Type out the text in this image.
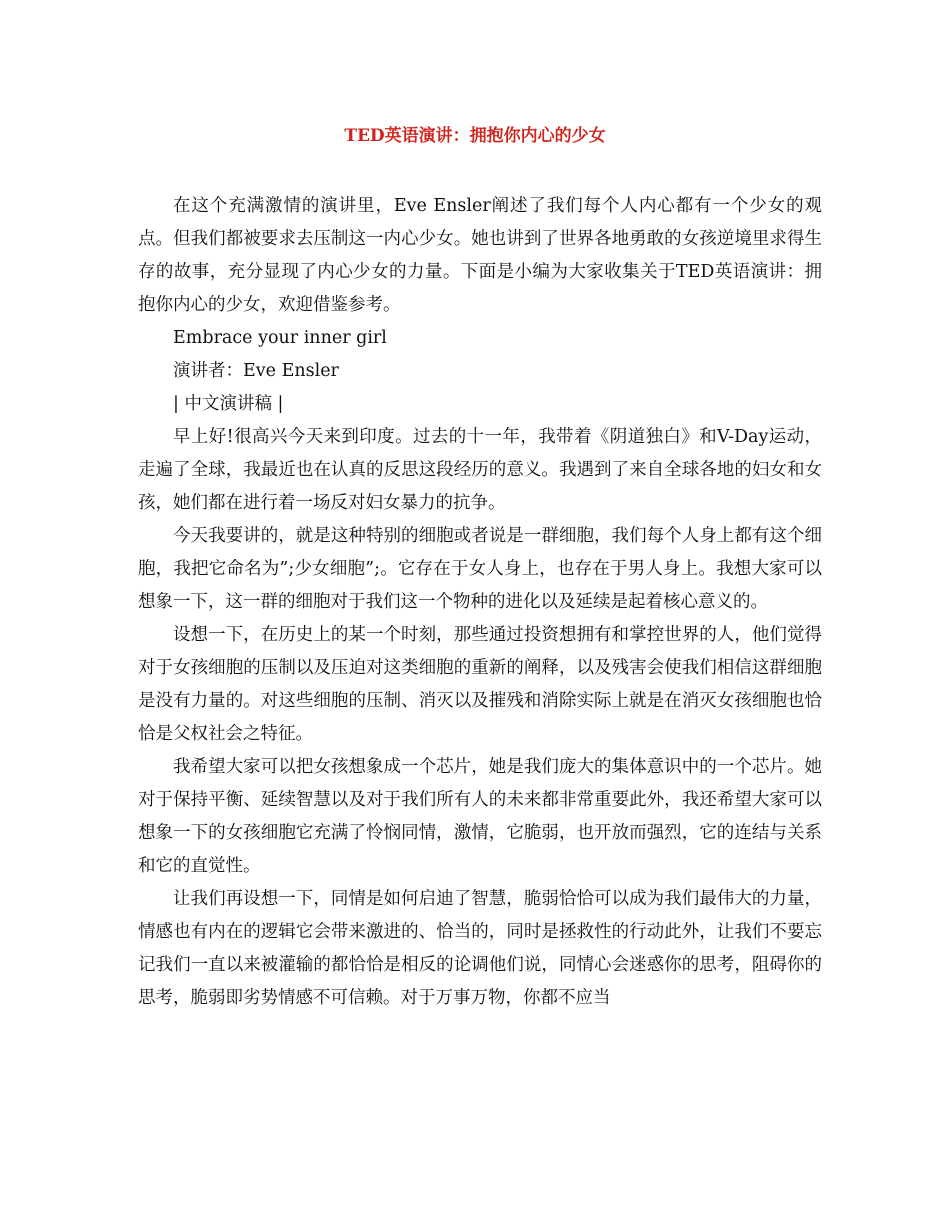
TED英语演讲：拥抱你内心的少女

在这个充满激情的演讲里，Eve Ensler阐述了我们每个人内心都有一个少女的观点。但我们都被要求去压制这一内心少女。她也讲到了世界各地勇敢的女孩逆境里求得生存的故事，充分显现了内心少女的力量。下面是小编为大家收集关于TED英语演讲：拥抱你内心的少女，欢迎借鉴参考。

Embrace your inner girl

演讲者：Eve Ensler

| 中文演讲稿 |

早上好!很高兴今天来到印度。过去的十一年，我带着《阴道独白》和V-Day运动，走遍了全球，我最近也在认真的反思这段经历的意义。我遇到了来自全球各地的妇女和女孩，她们都在进行着一场反对妇女暴力的抗争。

今天我要讲的，就是这种特别的细胞或者说是一群细胞，我们每个人身上都有这个细胞，我把它命名为”;少女细胞”;。它存在于女人身上，也存在于男人身上。我想大家可以想象一下，这一群的细胞对于我们这一个物种的进化以及延续是起着核心意义的。

设想一下，在历史上的某一个时刻，那些通过投资想拥有和掌控世界的人，他们觉得对于女孩细胞的压制以及压迫对这类细胞的重新的阐释，以及残害会使我们相信这群细胞是没有力量的。对这些细胞的压制、消灭以及摧残和消除实际上就是在消灭女孩细胞也恰恰是父权社会之特征。

我希望大家可以把女孩想象成一个芯片，她是我们庞大的集体意识中的一个芯片。她对于保持平衡、延续智慧以及对于我们所有人的未来都非常重要此外，我还希望大家可以想象一下的女孩细胞它充满了怜悯同情，激情，它脆弱，也开放而强烈，它的连结与关系和它的直觉性。

让我们再设想一下，同情是如何启迪了智慧，脆弱恰恰可以成为我们最伟大的力量，情感也有内在的逻辑它会带来激进的、恰当的，同时是拯救性的行动此外，让我们不要忘记我们一直以来被灌输的都恰恰是相反的论调他们说，同情心会迷惑你的思考，阻碍你的思考，脆弱即劣势情感不可信赖。对于万事万物，你都不应当
